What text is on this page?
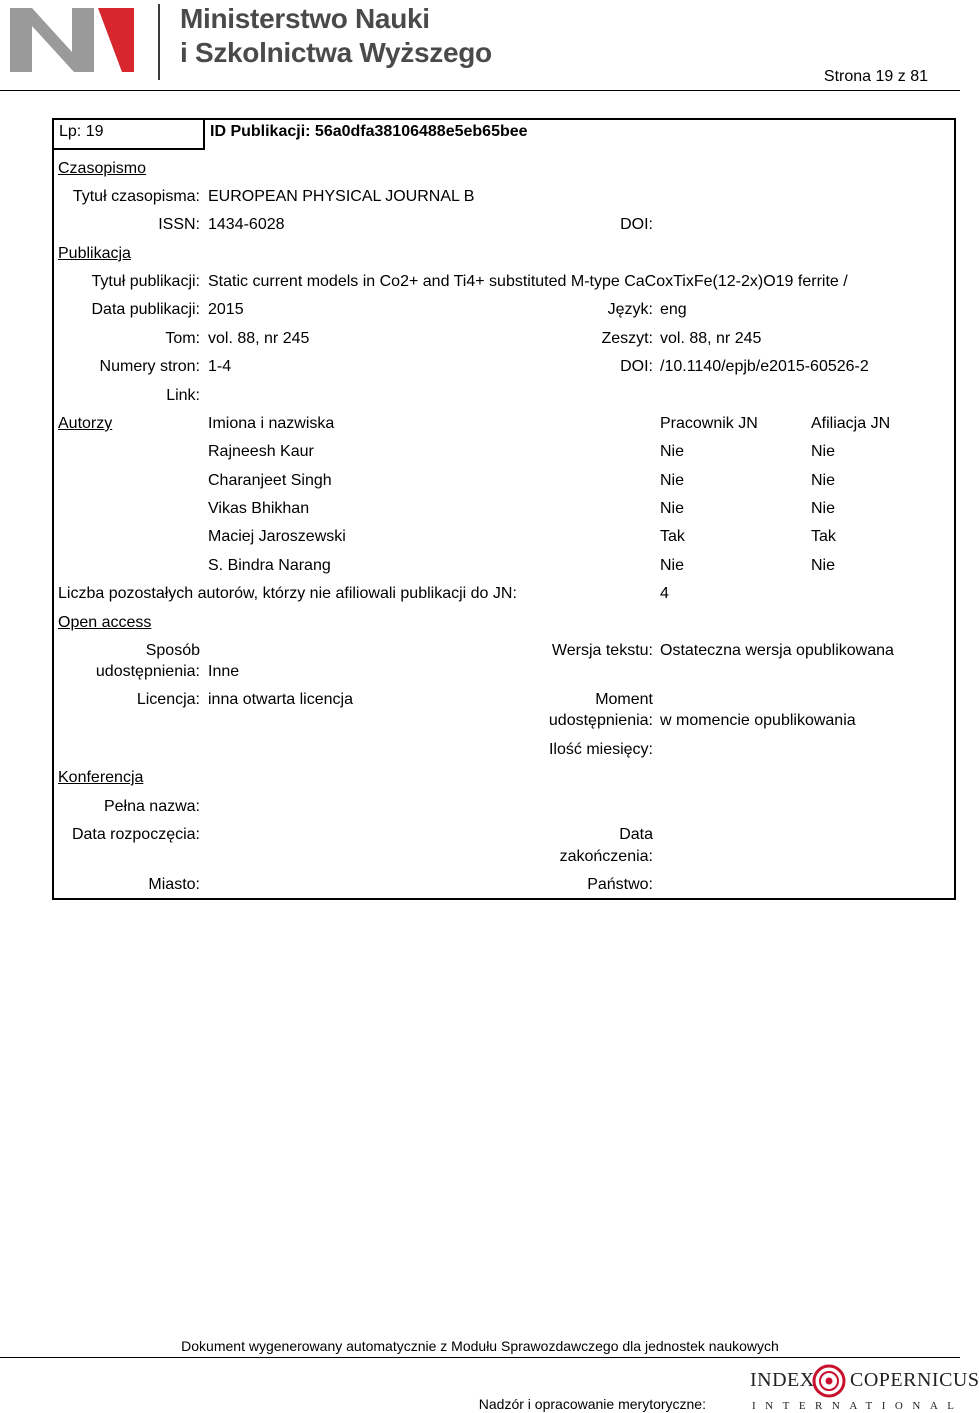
Ministerstwo Nauki
i Szkolnictwa Wyższego
Strona 19 z 81
Lp: 19	ID Publikacji: 56a0dfa38106488e5eb65bee
Czasopismo
Tytuł czasopisma: EUROPEAN PHYSICAL JOURNAL B
ISSN: 1434-6028	DOI:
Publikacja
Tytuł publikacji: Static current models in Co2+ and Ti4+ substituted M-type CaCoxTixFe(12-2x)O19 ferrite /
Data publikacji: 2015	Język: eng
Tom: vol. 88, nr 245	Zeszyt: vol. 88, nr 245
Numery stron: 1-4	DOI: /10.1140/epjb/e2015-60526-2
Link:
Autorzy	Imiona i nazwiska	Pracownik JN	Afiliacja JN
Rajneesh Kaur	Nie	Nie
Charanjeet Singh	Nie	Nie
Vikas Bhikhan	Nie	Nie
Maciej Jaroszewski	Tak	Tak
S. Bindra Narang	Nie	Nie
Liczba pozostałych autorów, którzy nie afiliowali publikacji do JN:	4
Open access
Sposób
udostępnienia: Inne
Wersja tekstu: Ostateczna wersja opublikowana
Licencja: inna otwarta licencja	Moment
udostępnienia: w momencie opublikowania
Ilość miesięcy:
Konferencja
Pełna nazwa:
Data rozpoczęcia:	Data
zakończenia:
Miasto:	Państwo:
Dokument wygenerowany automatycznie z Modułu Sprawozdawczego dla jednostek naukowych
Nadzór i opracowanie merytoryczne:
INDEX COPERNICUS
INTERNATIONAL
